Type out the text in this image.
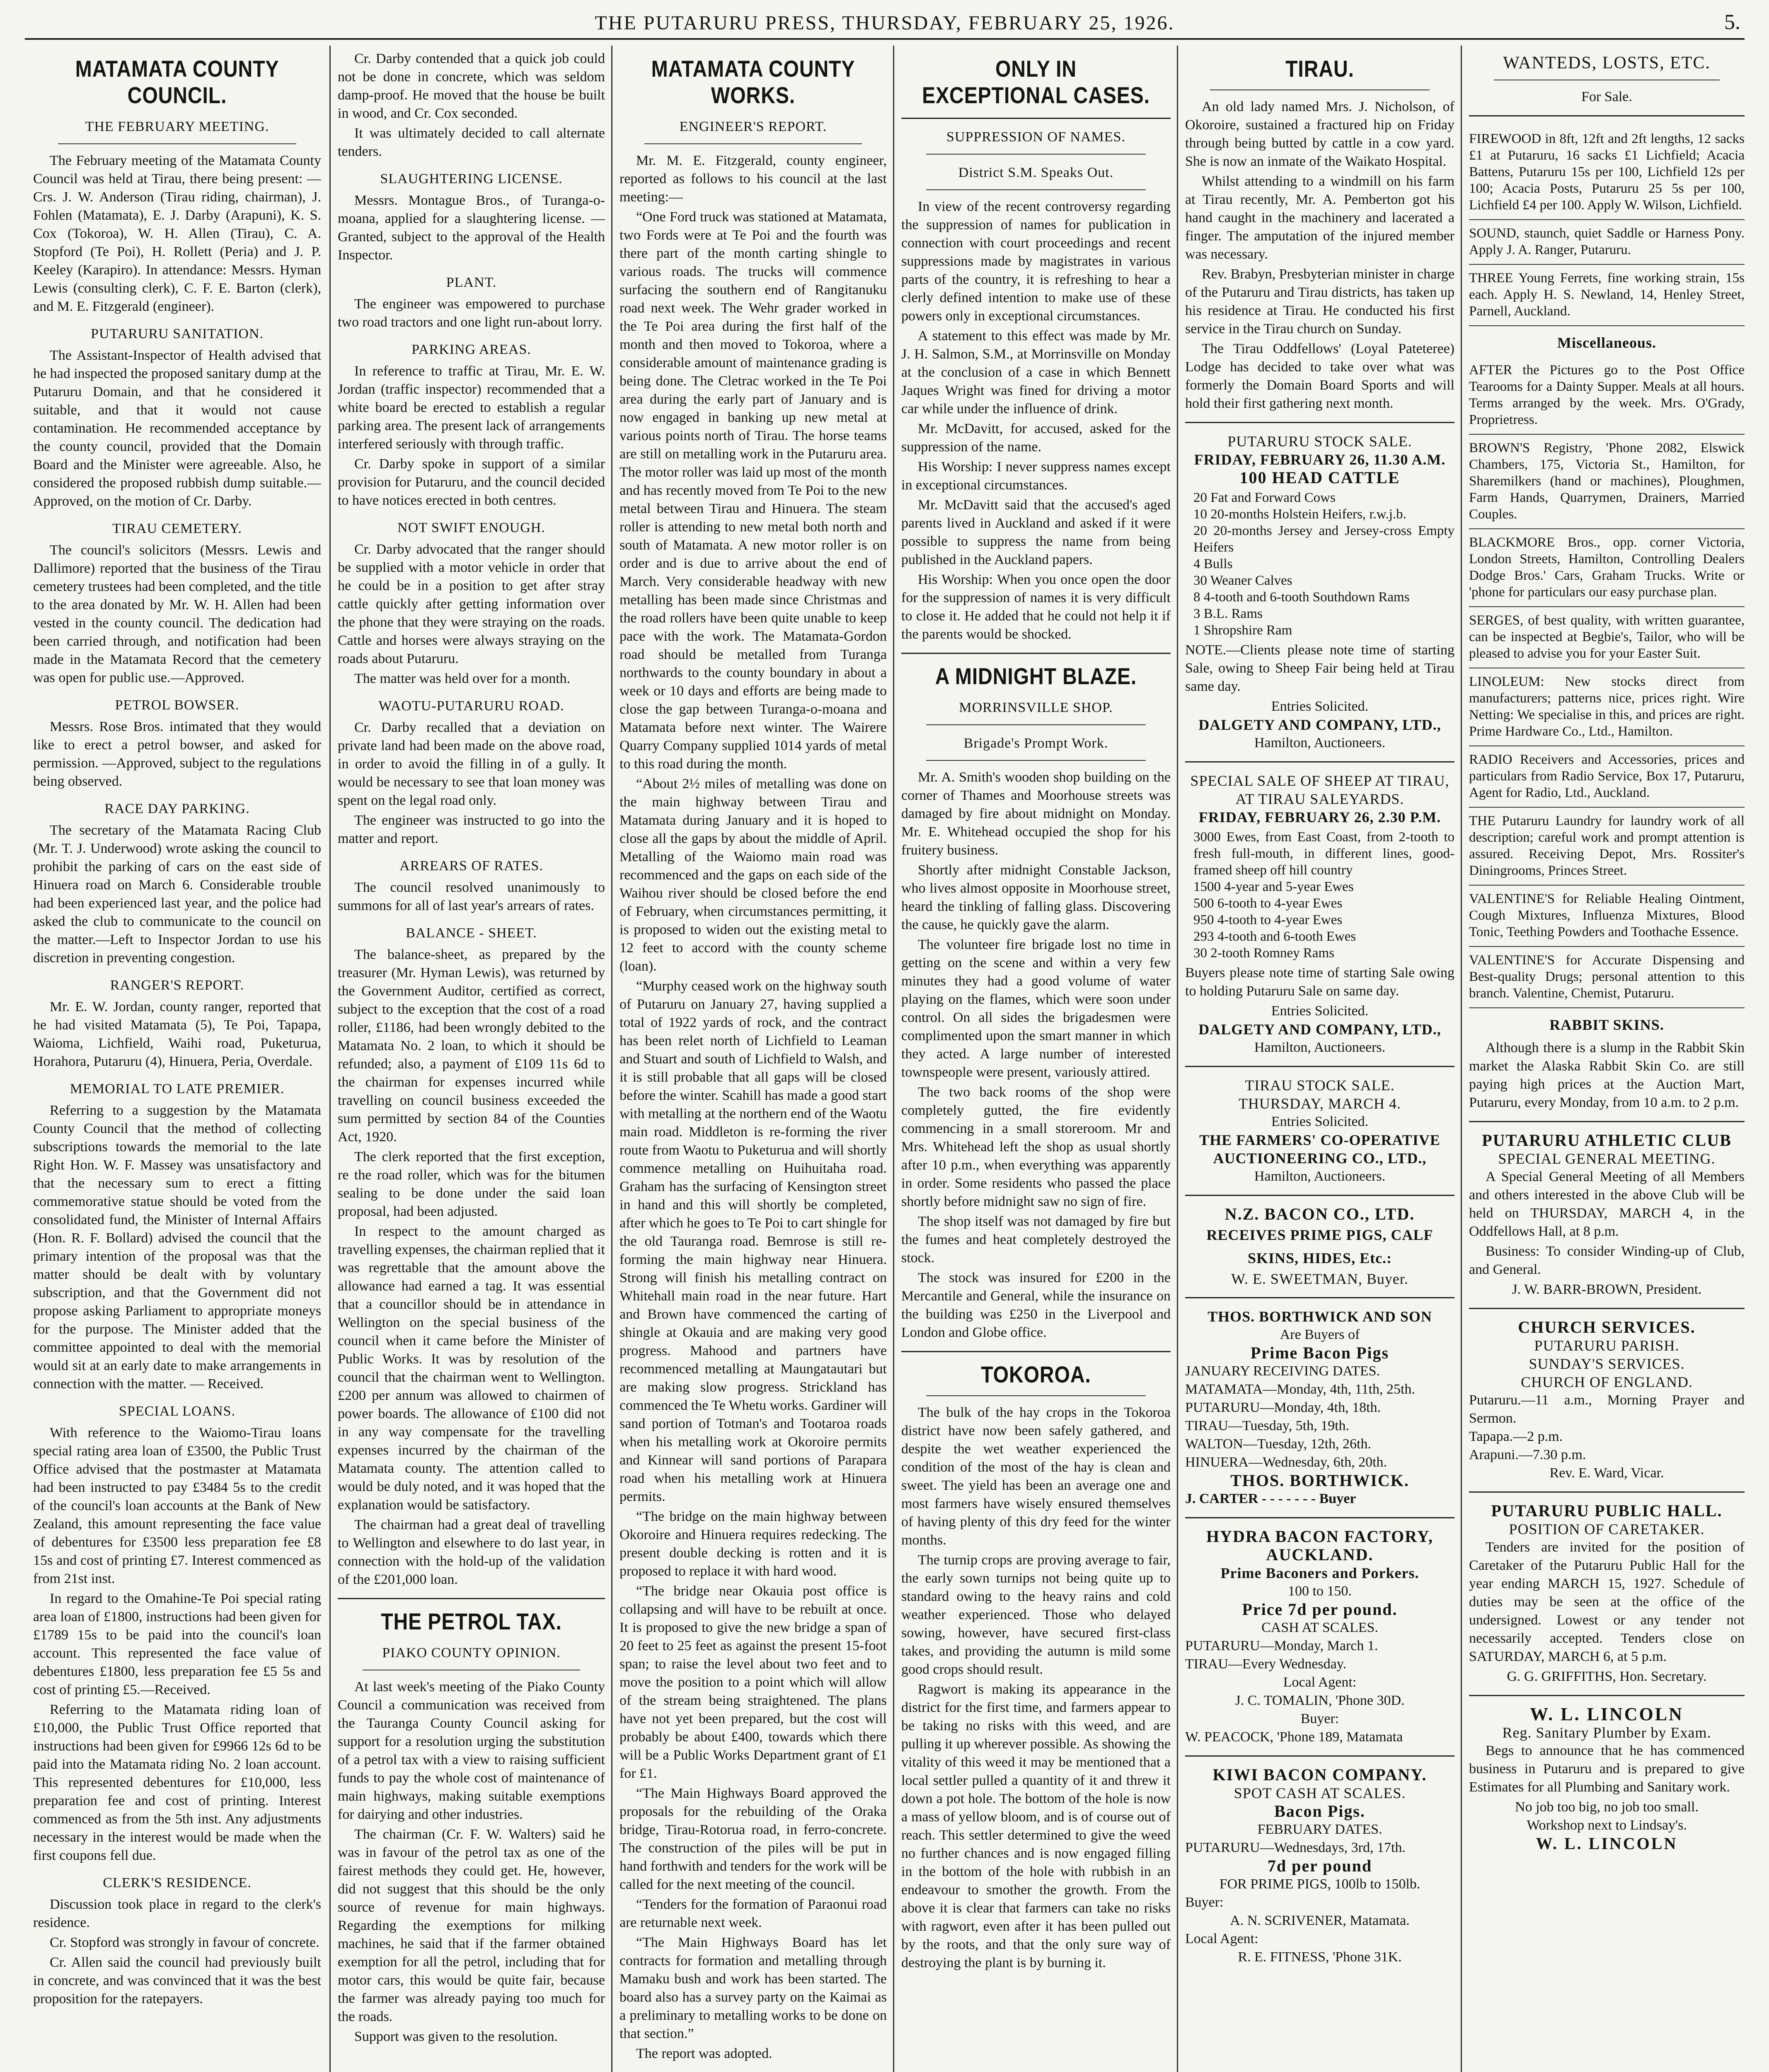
THE PUTARURU PRESS, THURSDAY, FEBRUARY 25, 1926.	5.
MATAMATA COUNTY COUNCIL.
THE FEBRUARY MEETING.

The February meeting of the Matamata County Council was held at Tirau, there being present: —Crs. J. W. Anderson (Tirau riding, chairman), J. Fohlen (Matamata), E. J. Darby (Arapuni), K. S. Cox (Tokoroa), W. H. Allen (Tirau), C. A. Stopford (Te Poi), H. Rollett (Peria) and J. P. Keeley (Karapiro). In attendance: Messrs. Hyman Lewis (consulting clerk), C. F. E. Barton (clerk), and M. E. Fitzgerald (engineer).

PUTARURU SANITATION.

The Assistant-Inspector of Health advised that he had inspected the proposed sanitary dump at the Putaruru Domain, and that he considered it suitable, and that it would not cause contamination. He recommended acceptance by the county council, provided that the Domain Board and the Minister were agreeable. Also, he considered the proposed rubbish dump suitable.—Approved, on the motion of Cr. Darby.

TIRAU CEMETERY.

The council's solicitors (Messrs. Lewis and Dallimore) reported that the business of the Tirau cemetery trustees had been completed, and the title to the area donated by Mr. W. H. Allen had been vested in the county council. The dedication had been carried through, and notification had been made in the Matamata Record that the cemetery was open for public use.—Approved.

PETROL BOWSER.

Messrs. Rose Bros. intimated that they would like to erect a petrol bowser, and asked for permission. —Approved, subject to the regulations being observed.

RACE DAY PARKING.

The secretary of the Matamata Racing Club (Mr. T. J. Underwood) wrote asking the council to prohibit the parking of cars on the east side of Hinuera road on March 6. Considerable trouble had been experienced last year, and the police had asked the club to communicate to the council on the matter.—Left to Inspector Jordan to use his discretion in preventing congestion.

RANGER'S REPORT.

Mr. E. W. Jordan, county ranger, reported that he had visited Matamata (5), Te Poi, Tapapa, Waioma, Lichfield, Waihi road, Puketurua, Horahora, Putaruru (4), Hinuera, Peria, Overdale.

MEMORIAL TO LATE PREMIER.

Referring to a suggestion by the Matamata County Council that the method of collecting subscriptions towards the memorial to the late Right Hon. W. F. Massey was unsatisfactory and that the necessary sum to erect a fitting commemorative statue should be voted from the consolidated fund, the Minister of Internal Affairs (Hon. R. F. Bollard) advised the council that the primary intention of the proposal was that the matter should be dealt with by voluntary subscription, and that the Government did not propose asking Parliament to appropriate moneys for the purpose. The Minister added that the committee appointed to deal with the memorial would sit at an early date to make arrangements in connection with the matter. — Received.

SPECIAL LOANS.

With reference to the Waiomo-Tirau loans special rating area loan of £3500, the Public Trust Office advised that the postmaster at Matamata had been instructed to pay £3484 5s to the credit of the council's loan accounts at the Bank of New Zealand, this amount representing the face value of debentures for £3500 less preparation fee £8 15s and cost of printing £7. Interest commenced as from 21st inst.

In regard to the Omahine-Te Poi special rating area loan of £1800, instructions had been given for £1789 15s to be paid into the council's loan account. This represented the face value of debentures £1800, less preparation fee £5 5s and cost of printing £5.—Received.

Referring to the Matamata riding loan of £10,000, the Public Trust Office reported that instructions had been given for £9966 12s 6d to be paid into the Matamata riding No. 2 loan account. This represented debentures for £10,000, less preparation fee and cost of printing. Interest commenced as from the 5th inst. Any adjustments necessary in the interest would be made when the first coupons fell due.

CLERK'S RESIDENCE.

Discussion took place in regard to the clerk's residence.

Cr. Stopford was strongly in favour of concrete.

Cr. Allen said the council had previously built in concrete, and was convinced that it was the best proposition for the ratepayers.

Cr. Darby contended that a quick job could not be done in concrete, which was seldom damp-proof. He moved that the house be built in wood, and Cr. Cox seconded.

It was ultimately decided to call alternate tenders.

SLAUGHTERING LICENSE.

Messrs. Montague Bros., of Turanga-o-moana, applied for a slaughtering license. — Granted, subject to the approval of the Health Inspector.

PLANT.

The engineer was empowered to purchase two road tractors and one light run-about lorry.

PARKING AREAS.

In reference to traffic at Tirau, Mr. E. W. Jordan (traffic inspector) recommended that a white board be erected to establish a regular parking area. The present lack of arrangements interfered seriously with through traffic.

Cr. Darby spoke in support of a similar provision for Putaruru, and the council decided to have notices erected in both centres.

NOT SWIFT ENOUGH.

Cr. Darby advocated that the ranger should be supplied with a motor vehicle in order that he could be in a position to get after stray cattle quickly after getting information over the phone that they were straying on the roads. Cattle and horses were always straying on the roads about Putaruru.

The matter was held over for a month.

WAOTU-PUTARURU ROAD.

Cr. Darby recalled that a deviation on private land had been made on the above road, in order to avoid the filling in of a gully. It would be necessary to see that loan money was spent on the legal road only.

The engineer was instructed to go into the matter and report.

ARREARS OF RATES.

The council resolved unanimously to summons for all of last year's arrears of rates.

BALANCE - SHEET.

The balance-sheet, as prepared by the treasurer (Mr. Hyman Lewis), was returned by the Government Auditor, certified as correct, subject to the exception that the cost of a road roller, £1186, had been wrongly debited to the Matamata No. 2 loan, to which it should be refunded; also, a payment of £109 11s 6d to the chairman for expenses incurred while travelling on council business exceeded the sum permitted by section 84 of the Counties Act, 1920.

The clerk reported that the first exception, re the road roller, which was for the bitumen sealing to be done under the said loan proposal, had been adjusted.

In respect to the amount charged as travelling expenses, the chairman replied that it was regrettable that the amount above the allowance had earned a tag. It was essential that a councillor should be in attendance in Wellington on the special business of the council when it came before the Minister of Public Works. It was by resolution of the council that the chairman went to Wellington. £200 per annum was allowed to chairmen of power boards. The allowance of £100 did not in any way compensate for the travelling expenses incurred by the chairman of the Matamata county. The attention called to would be duly noted, and it was hoped that the explanation would be satisfactory.

The chairman had a great deal of travelling to Wellington and elsewhere to do last year, in connection with the hold-up of the validation of the £201,000 loan.

THE PETROL TAX.
PIAKO COUNTY OPINION.

At last week's meeting of the Piako County Council a communication was received from the Tauranga County Council asking for support for a resolution urging the substitution of a petrol tax with a view to raising sufficient funds to pay the whole cost of maintenance of main highways, making suitable exemptions for dairying and other industries.

The chairman (Cr. F. W. Walters) said he was in favour of the petrol tax as one of the fairest methods they could get. He, however, did not suggest that this should be the only source of revenue for main highways. Regarding the exemptions for milking machines, he said that if the farmer obtained exemption for all the petrol, including that for motor cars, this would be quite fair, because the farmer was already paying too much for the roads.

Support was given to the resolution.

MATAMATA COUNTY WORKS.
ENGINEER'S REPORT.

Mr. M. E. Fitzgerald, county engineer, reported as follows to his council at the last meeting:—

“One Ford truck was stationed at Matamata, two Fords were at Te Poi and the fourth was there part of the month carting shingle to various roads. The trucks will commence surfacing the southern end of Rangitanuku road next week. The Wehr grader worked in the Te Poi area during the first half of the month and then moved to Tokoroa, where a considerable amount of maintenance grading is being done. The Cletrac worked in the Te Poi area during the early part of January and is now engaged in banking up new metal at various points north of Tirau. The horse teams are still on metalling work in the Putaruru area. The motor roller was laid up most of the month and has recently moved from Te Poi to the new metal between Tirau and Hinuera. The steam roller is attending to new metal both north and south of Matamata. A new motor roller is on order and is due to arrive about the end of March. Very considerable headway with new metalling has been made since Christmas and the road rollers have been quite unable to keep pace with the work. The Matamata-Gordon road should be metalled from Turanga northwards to the county boundary in about a week or 10 days and efforts are being made to close the gap between Turanga-o-moana and Matamata before next winter. The Wairere Quarry Company supplied 1014 yards of metal to this road during the month.

“About 2½ miles of metalling was done on the main highway between Tirau and Matamata during January and it is hoped to close all the gaps by about the middle of April. Metalling of the Waiomo main road was recommenced and the gaps on each side of the Waihou river should be closed before the end of February, when circumstances permitting, it is proposed to widen out the existing metal to 12 feet to accord with the county scheme (loan).

“Murphy ceased work on the highway south of Putaruru on January 27, having supplied a total of 1922 yards of rock, and the contract has been relet north of Lichfield to Leaman and Stuart and south of Lichfield to Walsh, and it is still probable that all gaps will be closed before the winter. Scahill has made a good start with metalling at the northern end of the Waotu main road. Middleton is re-forming the river route from Waotu to Puketurua and will shortly commence metalling on Huihuitaha road. Graham has the surfacing of Kensington street in hand and this will shortly be completed, after which he goes to Te Poi to cart shingle for the old Tauranga road. Bemrose is still re-forming the main highway near Hinuera. Strong will finish his metalling contract on Whitehall main road in the near future. Hart and Brown have commenced the carting of shingle at Okauia and are making very good progress. Mahood and partners have recommenced metalling at Maungatautari but are making slow progress. Strickland has commenced the Te Whetu works. Gardiner will sand portion of Totman's and Tootaroa roads when his metalling work at Okoroire permits and Kinnear will sand portions of Parapara road when his metalling work at Hinuera permits.

“The bridge on the main highway between Okoroire and Hinuera requires redecking. The present double decking is rotten and it is proposed to replace it with hard wood.

“The bridge near Okauia post office is collapsing and will have to be rebuilt at once. It is proposed to give the new bridge a span of 20 feet to 25 feet as against the present 15-foot span; to raise the level about two feet and to move the position to a point which will allow of the stream being straightened. The plans have not yet been prepared, but the cost will probably be about £400, towards which there will be a Public Works Department grant of £1 for £1.

“The Main Highways Board approved the proposals for the rebuilding of the Oraka bridge, Tirau-Rotorua road, in ferro-concrete. The construction of the piles will be put in hand forthwith and tenders for the work will be called for the next meeting of the council.

“Tenders for the formation of Paraonui road are returnable next week.

“The Main Highways Board has let contracts for formation and metalling through Mamaku bush and work has been started. The board also has a survey party on the Kaimai as a preliminary to metalling works to be done on that section.”

The report was adopted.

ONLY IN EXCEPTIONAL CASES.
SUPPRESSION OF NAMES.
District S.M. Speaks Out.

In view of the recent controversy regarding the suppression of names for publication in connection with court proceedings and recent suppressions made by magistrates in various parts of the country, it is refreshing to hear a clerly defined intention to make use of these powers only in exceptional circumstances.

A statement to this effect was made by Mr. J. H. Salmon, S.M., at Morrinsville on Monday at the conclusion of a case in which Bennett Jaques Wright was fined for driving a motor car while under the influence of drink.

Mr. McDavitt, for accused, asked for the suppression of the name.

His Worship: I never suppress names except in exceptional circumstances.

Mr. McDavitt said that the accused's aged parents lived in Auckland and asked if it were possible to suppress the name from being published in the Auckland papers.

His Worship: When you once open the door for the suppression of names it is very difficult to close it. He added that he could not help it if the parents would be shocked.

A MIDNIGHT BLAZE.
MORRINSVILLE SHOP.
Brigade's Prompt Work.

Mr. A. Smith's wooden shop building on the corner of Thames and Moorhouse streets was damaged by fire about midnight on Monday. Mr. E. Whitehead occupied the shop for his fruitery business.

Shortly after midnight Constable Jackson, who lives almost opposite in Moorhouse street, heard the tinkling of falling glass. Discovering the cause, he quickly gave the alarm.

The volunteer fire brigade lost no time in getting on the scene and within a very few minutes they had a good volume of water playing on the flames, which were soon under control. On all sides the brigadesmen were complimented upon the smart manner in which they acted. A large number of interested townspeople were present, variously attired.

The two back rooms of the shop were completely gutted, the fire evidently commencing in a small storeroom. Mr and Mrs. Whitehead left the shop as usual shortly after 10 p.m., when everything was apparently in order. Some residents who passed the place shortly before midnight saw no sign of fire.

The shop itself was not damaged by fire but the fumes and heat completely destroyed the stock.

The stock was insured for £200 in the Mercantile and General, while the insurance on the building was £250 in the Liverpool and London and Globe office.

TOKOROA.

The bulk of the hay crops in the Tokoroa district have now been safely gathered, and despite the wet weather experienced the condition of the most of the hay is clean and sweet. The yield has been an average one and most farmers have wisely ensured themselves of having plenty of this dry feed for the winter months.

The turnip crops are proving average to fair, the early sown turnips not being quite up to standard owing to the heavy rains and cold weather experienced. Those who delayed sowing, however, have secured first-class takes, and providing the autumn is mild some good crops should result.

Ragwort is making its appearance in the district for the first time, and farmers appear to be taking no risks with this weed, and are pulling it up wherever possible. As showing the vitality of this weed it may be mentioned that a local settler pulled a quantity of it and threw it down a pot hole. The bottom of the hole is now a mass of yellow bloom, and is of course out of reach. This settler determined to give the weed no further chances and is now engaged filling in the bottom of the hole with rubbish in an endeavour to smother the growth. From the above it is clear that farmers can take no risks with ragwort, even after it has been pulled out by the roots, and that the only sure way of destroying the plant is by burning it.

TIRAU.

An old lady named Mrs. J. Nicholson, of Okoroire, sustained a fractured hip on Friday through being butted by cattle in a cow yard. She is now an inmate of the Waikato Hospital.

Whilst attending to a windmill on his farm at Tirau recently, Mr. A. Pemberton got his hand caught in the machinery and lacerated a finger. The amputation of the injured member was necessary.

Rev. Brabyn, Presbyterian minister in charge of the Putaruru and Tirau districts, has taken up his residence at Tirau. He conducted his first service in the Tirau church on Sunday.

The Tirau Oddfellows' (Loyal Pateteree) Lodge has decided to take over what was formerly the Domain Board Sports and will hold their first gathering next month.

PUTARURU STOCK SALE.
FRIDAY, FEBRUARY 26, 11.30 A.M.
100 HEAD CATTLE
20 Fat and Forward Cows
10 20-months Holstein Heifers, r.w.j.b.
20 20-months Jersey and Jersey-cross Empty Heifers
4 Bulls
30 Weaner Calves
8 4-tooth and 6-tooth Southdown Rams
3 B.L. Rams
1 Shropshire Ram

NOTE.—Clients please note time of starting Sale, owing to Sheep Fair being held at Tirau same day.

Entries Solicited.
DALGETY AND COMPANY, LTD.,
Hamilton, Auctioneers.
SPECIAL SALE OF SHEEP AT TIRAU, AT TIRAU SALEYARDS.
FRIDAY, FEBRUARY 26, 2.30 P.M.
3000 Ewes, from East Coast, from 2-tooth to fresh full-mouth, in different lines, good-framed sheep off hill country
1500 4-year and 5-year Ewes
500 6-tooth to 4-year Ewes
950 4-tooth to 4-year Ewes
293 4-tooth and 6-tooth Ewes
30 2-tooth Romney Rams

Buyers please note time of starting Sale owing to holding Putaruru Sale on same day.

Entries Solicited.
DALGETY AND COMPANY, LTD.,
Hamilton, Auctioneers.
TIRAU STOCK SALE.
THURSDAY, MARCH 4.
Entries Solicited.
THE FARMERS' CO-OPERATIVE AUCTIONEERING CO., LTD.,
Hamilton, Auctioneers.
N.Z. BACON CO., LTD.
RECEIVES PRIME PIGS, CALF SKINS, HIDES, Etc.:
W. E. SWEETMAN, Buyer.
THOS. BORTHWICK AND SON
Are Buyers of
Prime Bacon Pigs
JANUARY RECEIVING DATES.
MATAMATA—Monday, 4th, 11th, 25th.
PUTARURU—Monday, 4th, 18th.
TIRAU—Tuesday, 5th, 19th.
WALTON—Tuesday, 12th, 26th.
HINUERA—Wednesday, 6th, 20th.
THOS. BORTHWICK.
J. CARTER - - - - - - - Buyer
HYDRA BACON FACTORY, AUCKLAND.
Prime Baconers and Porkers.
100 to 150.
Price 7d per pound.
CASH AT SCALES.
PUTARURU—Monday, March 1.
TIRAU—Every Wednesday.
Local Agent:
J. C. TOMALIN, 'Phone 30D.
Buyer:
W. PEACOCK, 'Phone 189, Matamata
KIWI BACON COMPANY.
SPOT CASH AT SCALES.
Bacon Pigs.
FEBRUARY DATES.
PUTARURU—Wednesdays, 3rd, 17th.
7d per pound
FOR PRIME PIGS, 100lb to 150lb.
Buyer:
A. N. SCRIVENER, Matamata.
Local Agent:
R. E. FITNESS, 'Phone 31K.
WANTEDS, LOSTS, ETC.
For Sale.
FIREWOOD in 8ft, 12ft and 2ft lengths, 12 sacks £1 at Putaruru, 16 sacks £1 Lichfield; Acacia Battens, Putaruru 15s per 100, Lichfield 12s per 100; Acacia Posts, Putaruru 25 5s per 100, Lichfield £4 per 100. Apply W. Wilson, Lichfield.
SOUND, staunch, quiet Saddle or Harness Pony. Apply J. A. Ranger, Putaruru.
THREE Young Ferrets, fine working strain, 15s each. Apply H. S. Newland, 14, Henley Street, Parnell, Auckland.
Miscellaneous.
AFTER the Pictures go to the Post Office Tearooms for a Dainty Supper. Meals at all hours. Terms arranged by the week. Mrs. O'Grady, Proprietress.
BROWN'S Registry, 'Phone 2082, Elswick Chambers, 175, Victoria St., Hamilton, for Sharemilkers (hand or machines), Ploughmen, Farm Hands, Quarrymen, Drainers, Married Couples.
BLACKMORE Bros., opp. corner Victoria, London Streets, Hamilton, Controlling Dealers Dodge Bros.' Cars, Graham Trucks. Write or 'phone for particulars our easy purchase plan.
SERGES, of best quality, with written guarantee, can be inspected at Begbie's, Tailor, who will be pleased to advise you for your Easter Suit.
LINOLEUM: New stocks direct from manufacturers; patterns nice, prices right. Wire Netting: We specialise in this, and prices are right. Prime Hardware Co., Ltd., Hamilton.
RADIO Receivers and Accessories, prices and particulars from Radio Service, Box 17, Putaruru, Agent for Radio, Ltd., Auckland.
THE Putaruru Laundry for laundry work of all description; careful work and prompt attention is assured. Receiving Depot, Mrs. Rossiter's Diningrooms, Princes Street.
VALENTINE'S for Reliable Healing Ointment, Cough Mixtures, Influenza Mixtures, Blood Tonic, Teething Powders and Toothache Essence.
VALENTINE'S for Accurate Dispensing and Best-quality Drugs; personal attention to this branch. Valentine, Chemist, Putaruru.
RABBIT SKINS.

Although there is a slump in the Rabbit Skin market the Alaska Rabbit Skin Co. are still paying high prices at the Auction Mart, Putaruru, every Monday, from 10 a.m. to 2 p.m.

PUTARURU ATHLETIC CLUB
SPECIAL GENERAL MEETING.

A Special General Meeting of all Members and others interested in the above Club will be held on THURSDAY, MARCH 4, in the Oddfellows Hall, at 8 p.m.

Business: To consider Winding-up of Club, and General.

J. W. BARR-BROWN, President.
CHURCH SERVICES.
PUTARURU PARISH.
SUNDAY'S SERVICES.
CHURCH OF ENGLAND.
Putaruru.—11 a.m., Morning Prayer and Sermon.
Tapapa.—2 p.m.
Arapuni.—7.30 p.m.
Rev. E. Ward, Vicar.
PUTARURU PUBLIC HALL.
POSITION OF CARETAKER.

Tenders are invited for the position of Caretaker of the Putaruru Public Hall for the year ending MARCH 15, 1927. Schedule of duties may be seen at the office of the undersigned. Lowest or any tender not necessarily accepted. Tenders close on SATURDAY, MARCH 6, at 5 p.m.

G. G. GRIFFITHS, Hon. Secretary.
W. L. LINCOLN
Reg. Sanitary Plumber by Exam.

Begs to announce that he has commenced business in Putaruru and is prepared to give Estimates for all Plumbing and Sanitary work.

No job too big, no job too small.
Workshop next to Lindsay's.
W. L. LINCOLN
